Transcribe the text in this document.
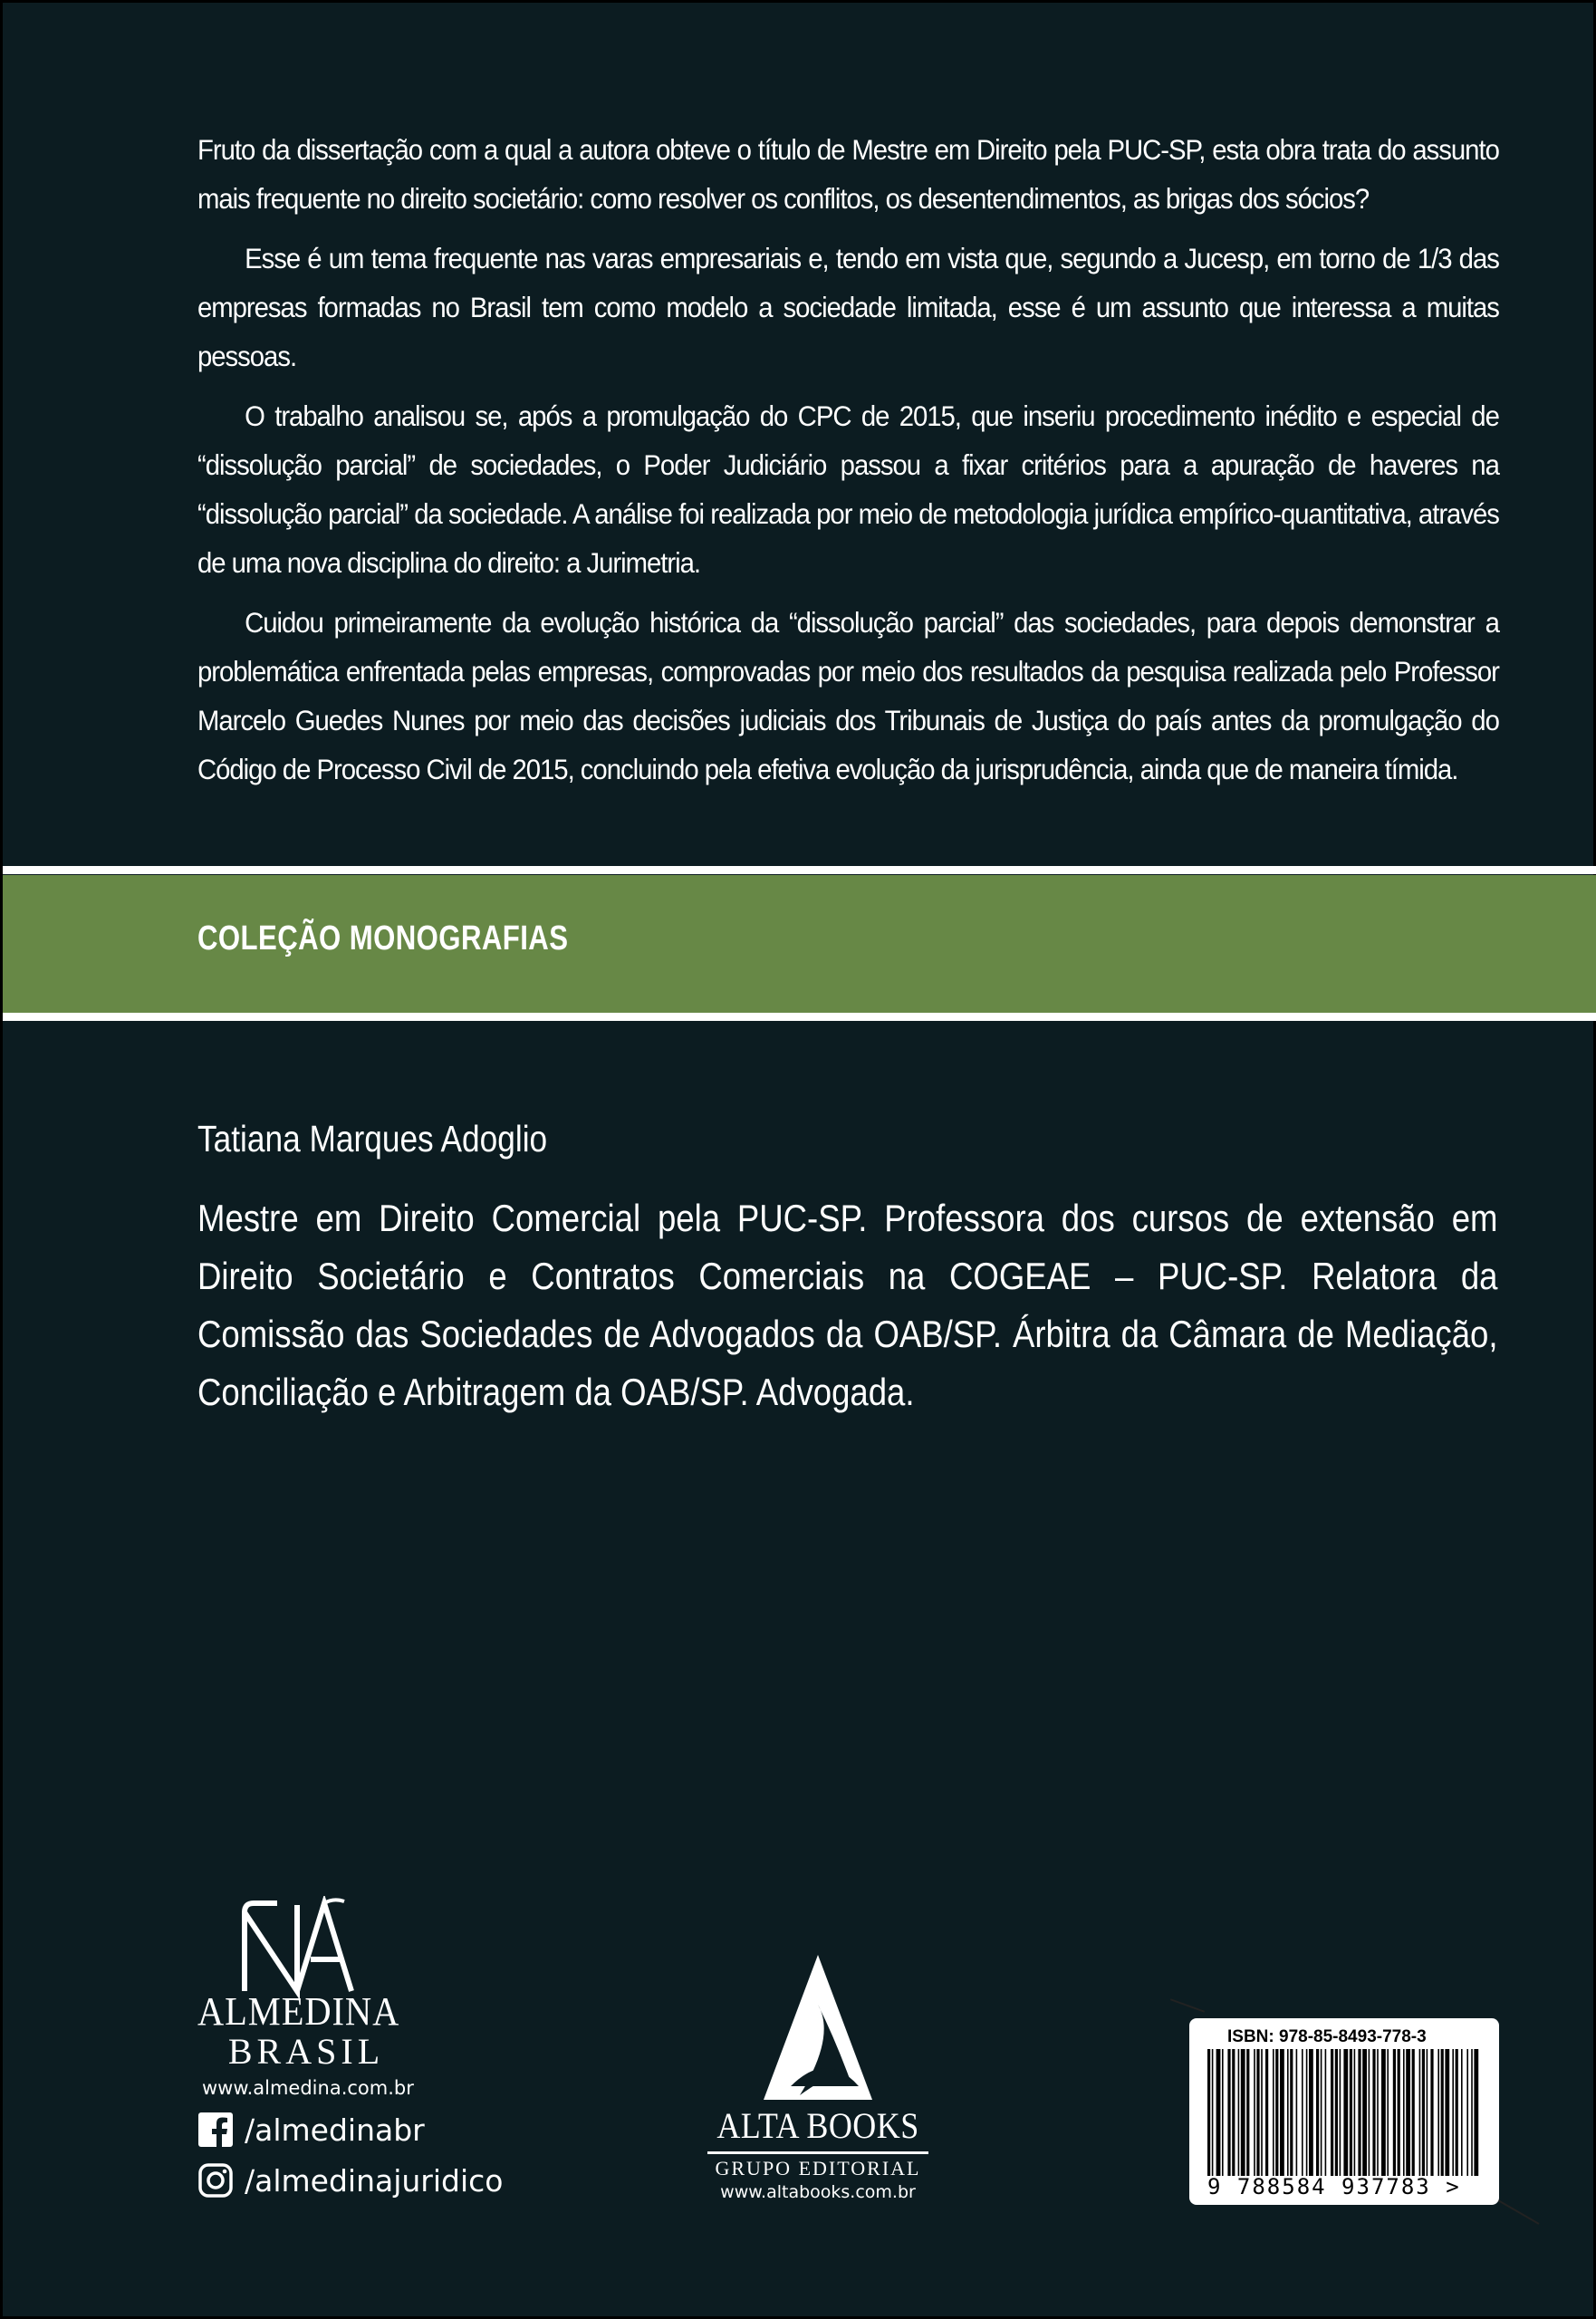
Fruto da dissertação com a qual a autora obteve o título de Mestre em Direito pela PUC-SP, esta obra trata do assunto mais frequente no direito societário: como resolver os conflitos, os desentendimentos, as brigas dos sócios?

Esse é um tema frequente nas varas empresariais e, tendo em vista que, segundo a Jucesp, em torno de 1/3 das empresas formadas no Brasil tem como modelo a sociedade limitada, esse é um assunto que interessa a muitas pessoas.

O trabalho analisou se, após a promulgação do CPC de 2015, que inseriu procedimento inédito e especial de “dissolução parcial” de sociedades, o Poder Judiciário passou a fixar critérios para a apuração de haveres na “dissolução parcial” da sociedade. A análise foi realizada por meio de metodologia jurídica empírico-quantitativa, através de uma nova disciplina do direito: a Jurimetria.

Cuidou primeiramente da evolução histórica da “dissolução parcial” das sociedades, para depois demonstrar a problemática enfrentada pelas empresas, comprovadas por meio dos resultados da pesquisa realizada pelo Professor Marcelo Guedes Nunes por meio das decisões judiciais dos Tribunais de Justiça do país antes da promulgação do Código de Processo Civil de 2015, concluindo pela efetiva evolução da jurisprudência, ainda que de maneira tímida.

COLEÇÃO MONOGRAFIAS
Tatiana Marques Adoglio

Mestre em Direito Comercial pela PUC-SP. Professora dos cursos de extensão em Direito Societário e Contratos Comerciais na COGEAE – PUC-SP. Relatora da Comissão das Sociedades de Advogados da OAB/SP. Árbitra da Câmara de Mediação, Conciliação e Arbitragem da OAB/SP. Advogada.

ALMEDINA
BRASIL
www.almedina.com.br
/almedinabr
/almedinajuridico
ALTA BOOKS
GRUPO EDITORIAL
www.altabooks.com.br
ISBN: 978-85-8493-778-3
9 788584 937783 >
